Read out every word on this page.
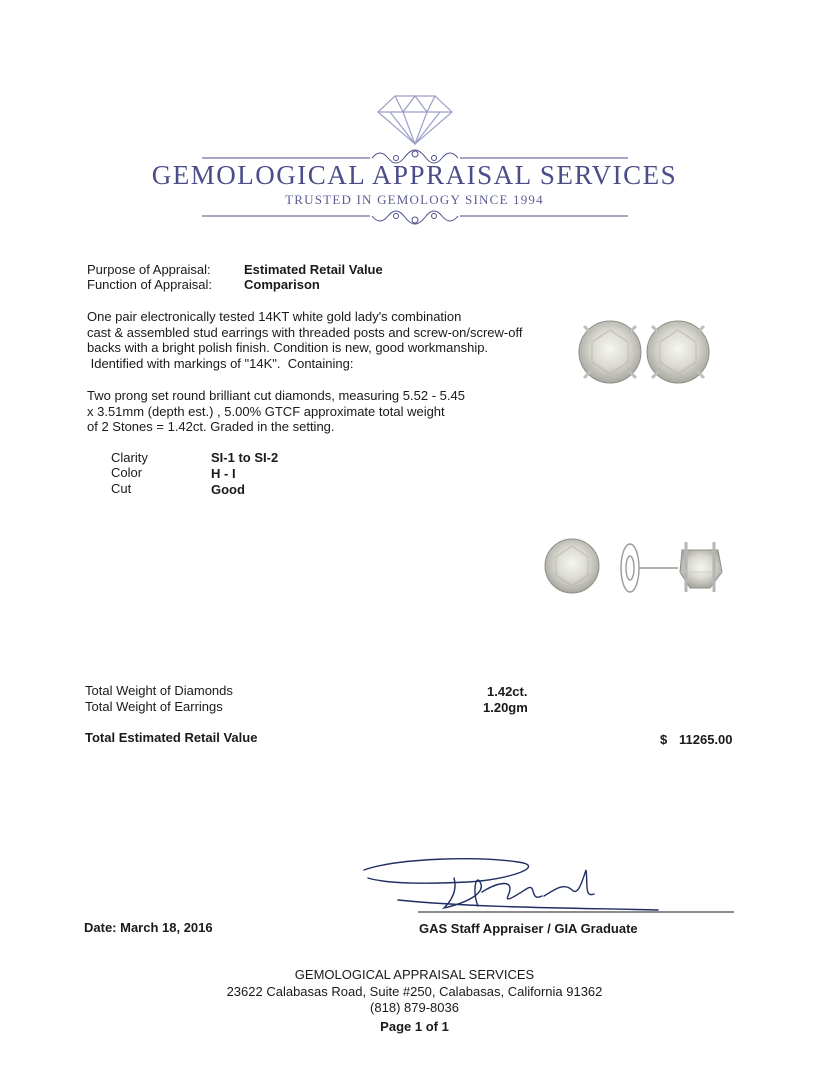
GEMOLOGICAL APPRAISAL SERVICES
TRUSTED IN GEMOLOGY SINCE 1994
Purpose of Appraisal:	Estimated Retail Value
Function of Appraisal: Comparison
One pair electronically tested 14KT white gold lady's combination
cast & assembled stud earrings with threaded posts and screw-on/screw-off
backs with a bright polish finish. Condition is new, good workmanship.
Identified with markings of "14K".  Containing:
Two prong set round brilliant cut diamonds, measuring 5.52 - 5.45
x 3.51mm (depth est.) , 5.00% GTCF approximate total weight
of 2 Stones = 1.42ct. Graded in the setting.
Clarity	SI-1 to SI-2
Color	H - I
Cut	Good
Total Weight of Diamonds	1.42ct.
Total Weight of Earrings	1.20gm
Total Estimated Retail Value	$ 11265.00
Date: March 18, 2016	GAS Staff Appraiser / GIA Graduate
GEMOLOGICAL APPRAISAL SERVICES
23622 Calabasas Road, Suite #250, Calabasas, California 91362
(818) 879-8036
Page 1 of 1
